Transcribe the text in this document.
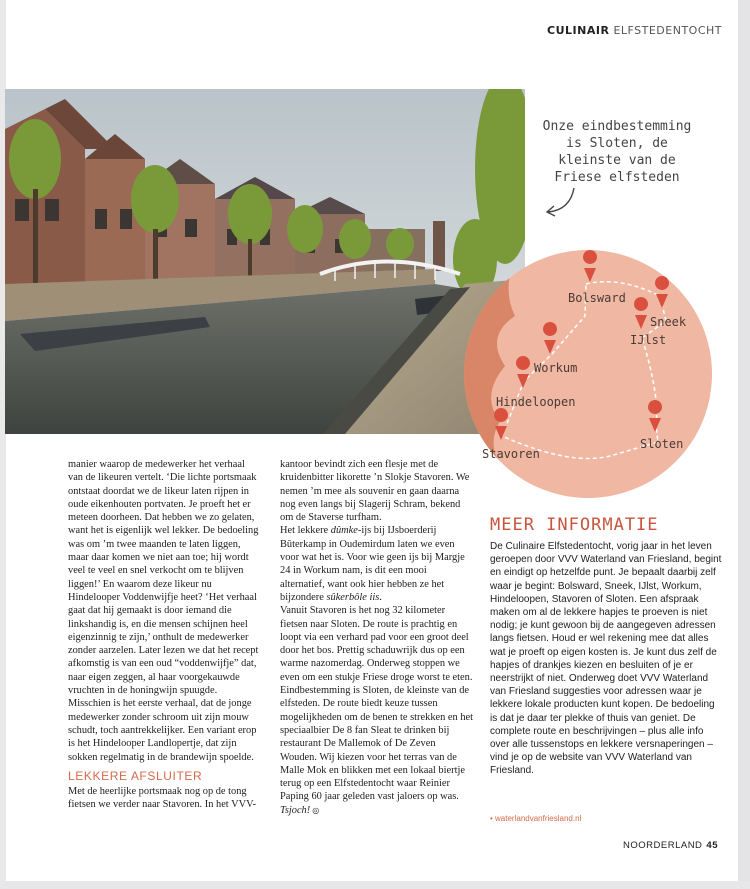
CULINAIR ELFSTEDENTOCHT
Onze eindbestemming is Sloten, de kleinste van de Friese elfsteden
Bolsward
Sneek
IJlst
Workum
Hindeloopen
Sloten
Stavoren

manier waarop de medewerker het verhaal van de likeuren vertelt. ‘Die lichte portsmaak ontstaat doordat we de likeur laten rijpen in oude eikenhouten portvaten. Je proeft het er meteen doorheen. Dat hebben we zo gelaten, want het is eigenlijk wel lekker. De bedoeling was om ’m twee maanden te laten liggen, maar daar komen we niet aan toe; hij wordt veel te veel en snel verkocht om te blijven liggen!’ En waarom deze likeur nu Hindelooper Voddenwijfje heet? ‘Het verhaal gaat dat hij gemaakt is door iemand die linkshandig is, en die mensen schijnen heel eigenzinnig te zijn,’ onthult de medewerker zonder aarzelen. Later lezen we dat het recept afkomstig is van een oud “voddenwijfje” dat, naar eigen zeggen, al haar voorgekauwde vruchten in de honingwijn spuugde. Misschien is het eerste verhaal, dat de jonge medewerker zonder schroom uit zijn mouw schudt, toch aantrekkelijker. Een variant erop is het Hindelooper Landlopertje, dat zijn sokken regelmatig in de brandewijn spoelde.

LEKKERE AFSLUITER

Met de heerlijke portsmaak nog op de tong fietsen we verder naar Stavoren. In het VVV-

kantoor bevindt zich een flesje met de kruidenbitter likorette ’n Slokje Stavoren. We nemen ’m mee als souvenir en gaan daarna nog even langs bij Slagerij Schram, bekend om de Staverse turfham.

Het lekkere dûmke-ijs bij IJsboerderij Bûterkamp in Oudemirdum laten we even voor wat het is. Voor wie geen ijs bij Margje 24 in Workum nam, is dit een mooi alternatief, want ook hier hebben ze het bijzondere sûkerbôle iis.

Vanuit Stavoren is het nog 32 kilometer fietsen naar Sloten. De route is prachtig en loopt via een verhard pad voor een groot deel door het bos. Prettig schaduwrijk dus op een warme nazomerdag. Onderweg stoppen we even om een stukje Friese droge worst te eten.

Eindbestemming is Sloten, de kleinste van de elfsteden. De route biedt keuze tussen mogelijkheden om de benen te strekken en het speciaalbier De 8 fan Sleat te drinken bij restaurant De Mallemok of De Zeven Wouden. Wij kiezen voor het terras van de Malle Mok en blikken met een lokaal biertje terug op een Elfstedentocht waar Reinier Paping 60 jaar geleden vast jaloers op was. Tsjoch! ◎

MEER INFORMATIE
De Culinaire Elfstedentocht, vorig jaar in het leven geroepen door VVV Waterland van Friesland, begint en eindigt op hetzelfde punt. Je bepaalt daarbij zelf waar je begint: Bolsward, Sneek, IJlst, Workum, Hindeloopen, Stavoren of Sloten. Een afspraak maken om al de lekkere hapjes te proeven is niet nodig; je kunt gewoon bij de aangegeven adressen langs fietsen. Houd er wel rekening mee dat alles wat je proeft op eigen kosten is. Je kunt dus zelf de hapjes of drankjes kiezen en besluiten of je er neerstrijkt of niet. Onderweg doet VVV Waterland van Friesland suggesties voor adressen waar je lekkere lokale producten kunt kopen. De bedoeling is dat je daar ter plekke of thuis van geniet. De complete route en beschrijvingen – plus alle info over alle tussenstops en lekkere versnaperingen – vind je op de website van VVV Waterland van Friesland.
• waterlandvanfriesland.nl
NOORDERLAND 45
